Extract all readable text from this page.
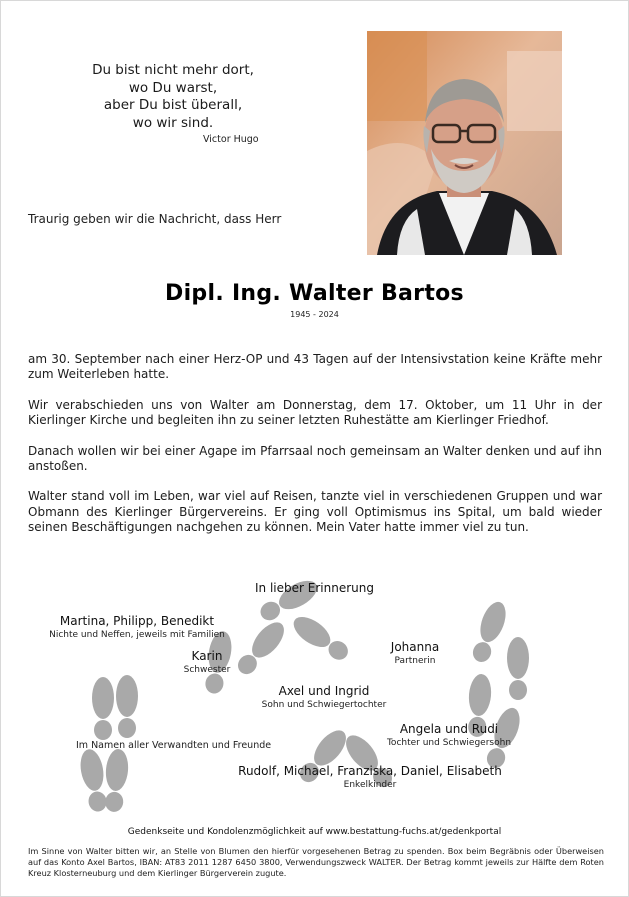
Du bist nicht mehr dort,
wo Du warst,
aber Du bist überall,
wo wir sind.
Victor Hugo
Traurig geben wir die Nachricht, dass Herr
Dipl. Ing. Walter Bartos
1945 - 2024

am 30. September nach einer Herz-OP und 43 Tagen auf der Intensivstation keine Kräfte mehr zum Weiterleben hatte.

Wir verabschieden uns von Walter am Donnerstag, dem 17. Oktober, um 11 Uhr in der Kierlinger Kirche und begleiten ihn zu seiner letzten Ruhestätte am Kierlinger Friedhof.

Danach wollen wir bei einer Agape im Pfarrsaal noch gemeinsam an Walter denken und auf ihn anstoßen.

Walter stand voll im Leben, war viel auf Reisen, tanzte viel in verschiedenen Gruppen und war Obmann des Kierlinger Bürgervereins. Er ging voll Optimismus ins Spital, um bald wieder seinen Beschäftigungen nachgehen zu können. Mein Vater hatte immer viel zu tun.

In lieber Erinnerung
Martina, Philipp, Benedikt
Nichte und Neffen, jeweils mit Familien
Karin
Schwester
Johanna
Partnerin
Axel und Ingrid
Sohn und Schwiegertochter
Angela und Rudi
Tochter und Schwiegersohn
Im Namen aller Verwandten und Freunde
Rudolf, Michael, Franziska, Daniel, Elisabeth
Enkelkinder
Gedenkseite und Kondolenzmöglichkeit auf www.bestattung-fuchs.at/gedenkportal
Im Sinne von Walter bitten wir, an Stelle von Blumen den hierfür vorgesehenen Betrag zu spenden. Box beim Begräbnis oder Überweisen auf das Konto Axel Bartos, IBAN: AT83 2011 1287 6450 3800, Verwendungszweck WALTER. Der Betrag kommt jeweils zur Hälfte dem Roten Kreuz Klosterneuburg und dem Kierlinger Bürgerverein zugute.
